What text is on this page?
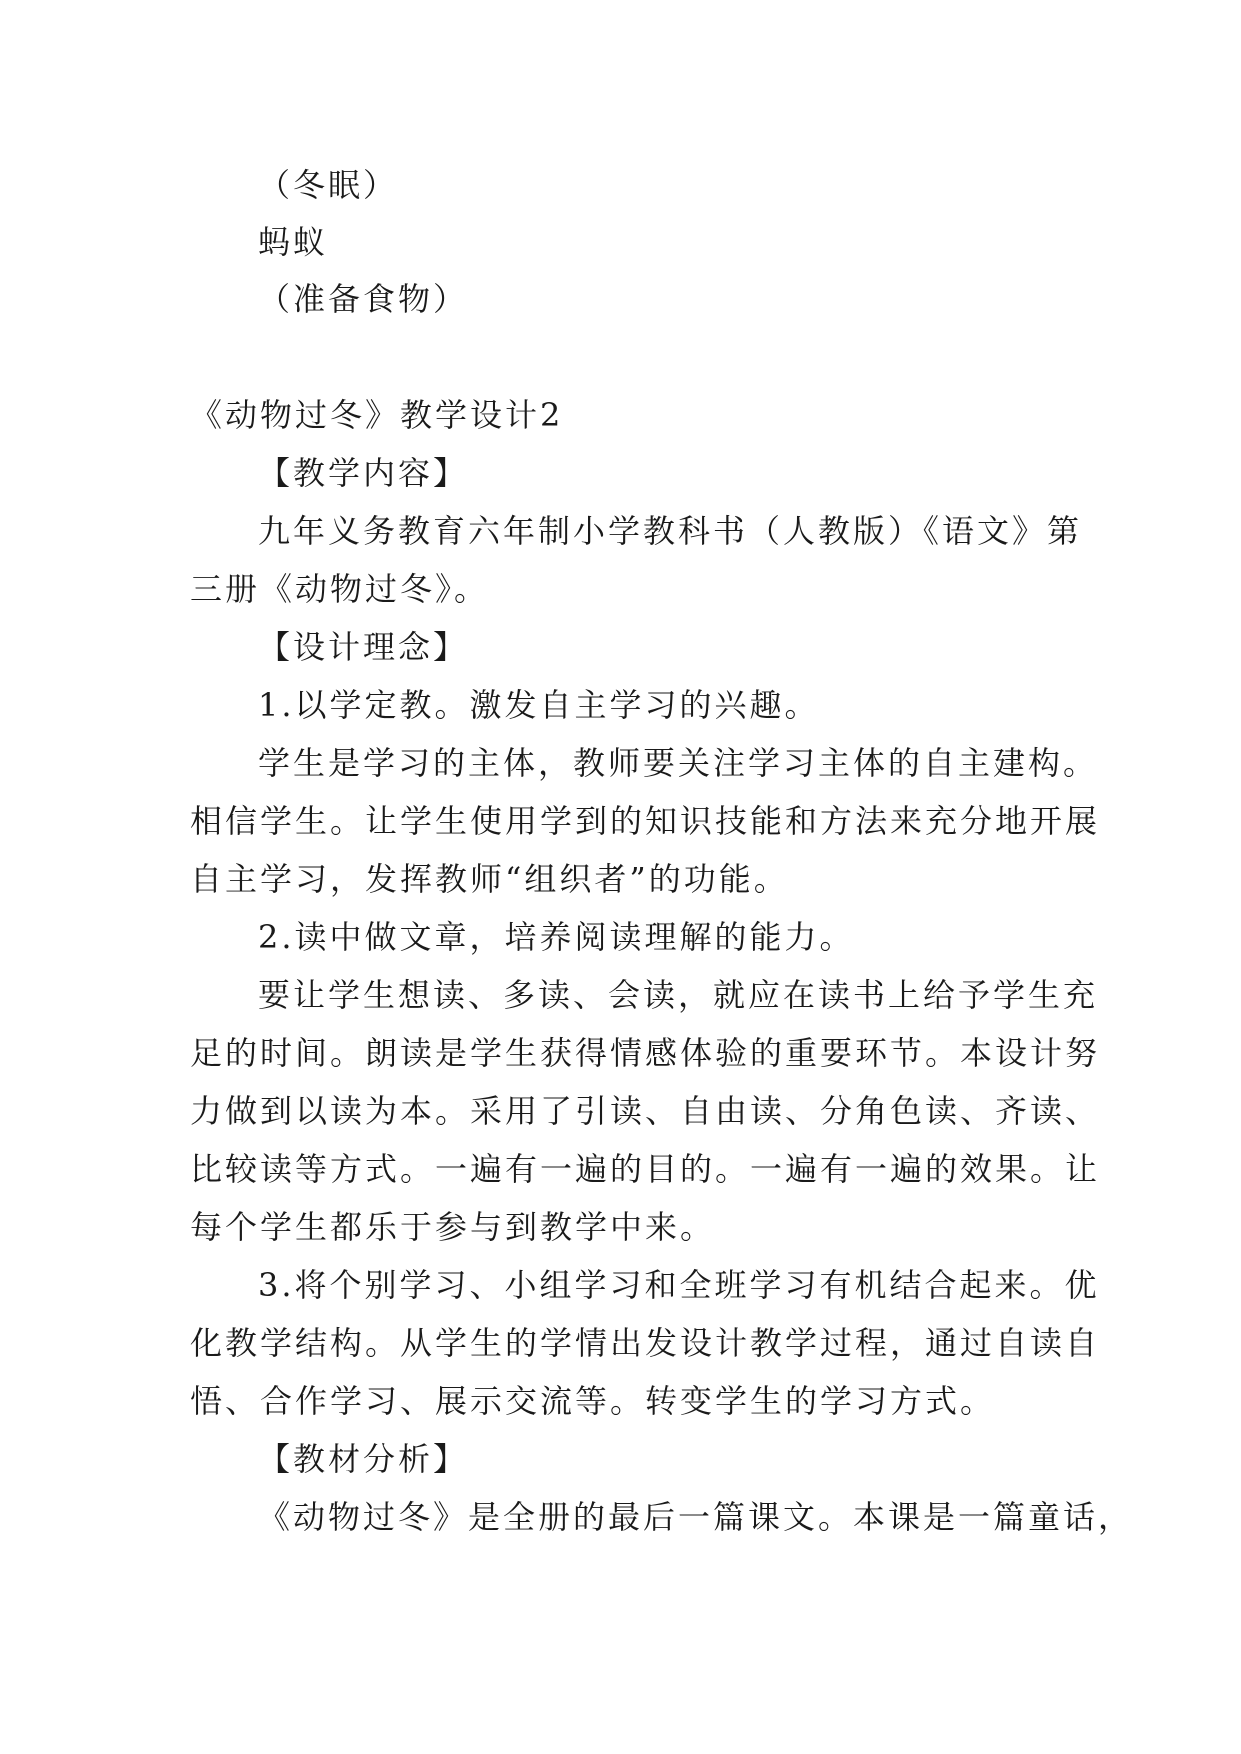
（冬眠）
蚂蚁
（准备食物）
《动物过冬》教学设计2
【教学内容】
九年义务教育六年制小学教科书（人教版）《语文》第
三册《动物过冬》。
【设计理念】
1.以学定教。激发自主学习的兴趣。
学生是学习的主体，教师要关注学习主体的自主建构。
相信学生。让学生使用学到的知识技能和方法来充分地开展
自主学习，发挥教师“组织者”的功能。
2.读中做文章，培养阅读理解的能力。
要让学生想读、多读、会读，就应在读书上给予学生充
足的时间。朗读是学生获得情感体验的重要环节。本设计努
力做到以读为本。采用了引读、自由读、分角色读、齐读、
比较读等方式。一遍有一遍的目的。一遍有一遍的效果。让
每个学生都乐于参与到教学中来。
3.将个别学习、小组学习和全班学习有机结合起来。优
化教学结构。从学生的学情出发设计教学过程，通过自读自
悟、合作学习、展示交流等。转变学生的学习方式。
【教材分析】
《动物过冬》是全册的最后一篇课文。本课是一篇童话，
